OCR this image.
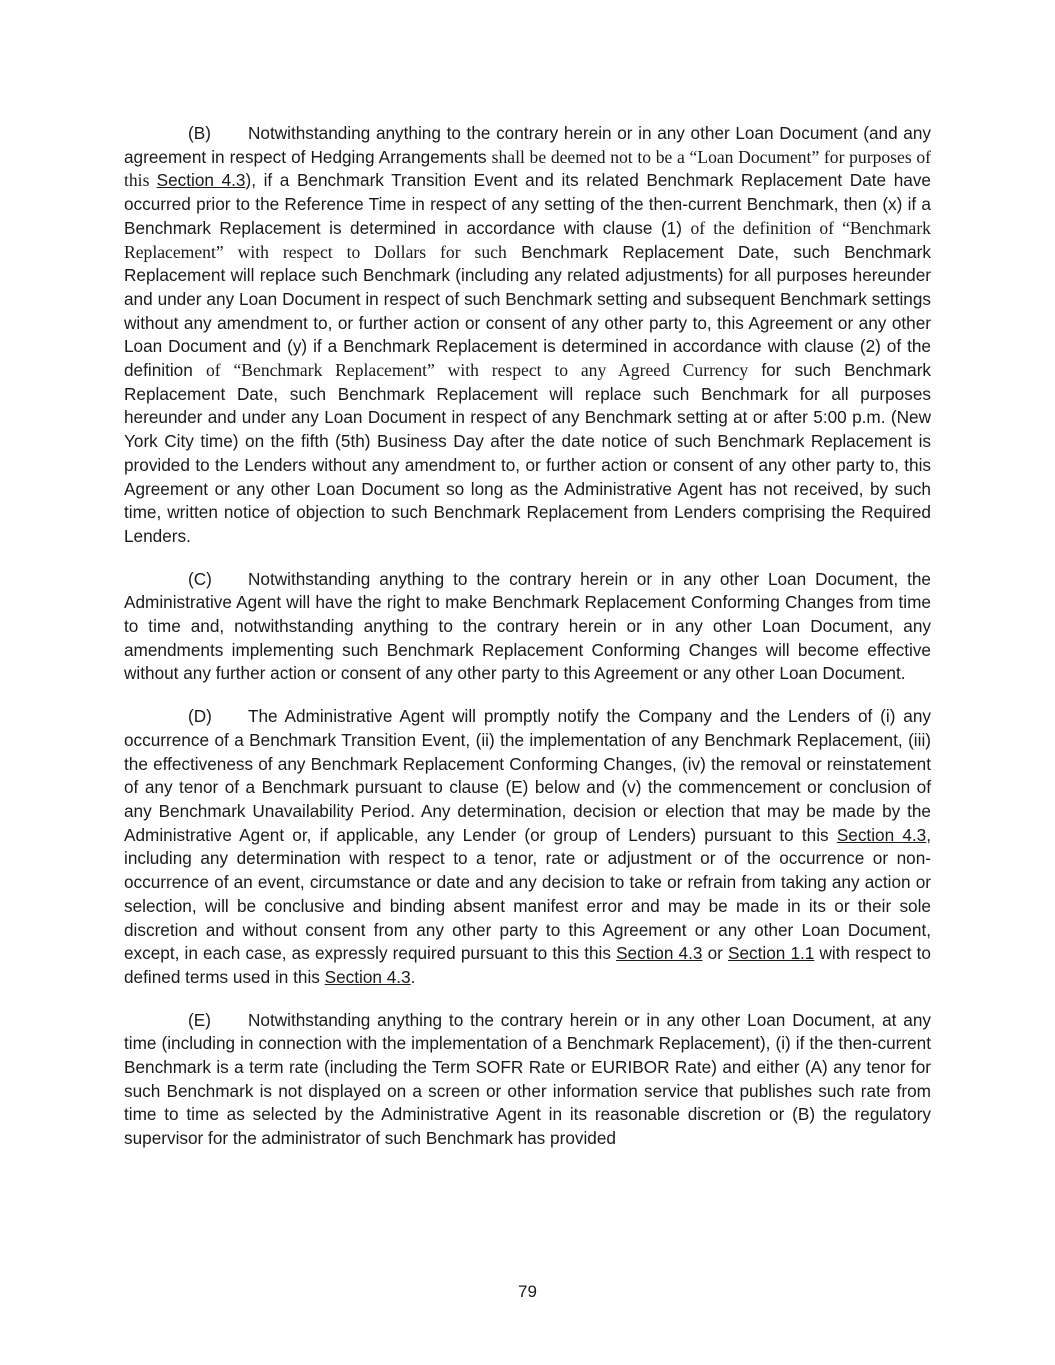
(B) Notwithstanding anything to the contrary herein or in any other Loan Document (and any agreement in respect of Hedging Arrangements shall be deemed not to be a “Loan Document” for purposes of this Section 4.3), if a Benchmark Transition Event and its related Benchmark Replacement Date have occurred prior to the Reference Time in respect of any setting of the then-current Benchmark, then (x) if a Benchmark Replacement is determined in accordance with clause (1) of the definition of “Benchmark Replacement” with respect to Dollars for such Benchmark Replacement Date, such Benchmark Replacement will replace such Benchmark (including any related adjustments) for all purposes hereunder and under any Loan Document in respect of such Benchmark setting and subsequent Benchmark settings without any amendment to, or further action or consent of any other party to, this Agreement or any other Loan Document and (y) if a Benchmark Replacement is determined in accordance with clause (2) of the definition of “Benchmark Replacement” with respect to any Agreed Currency for such Benchmark Replacement Date, such Benchmark Replacement will replace such Benchmark for all purposes hereunder and under any Loan Document in respect of any Benchmark setting at or after 5:00 p.m. (New York City time) on the fifth (5th) Business Day after the date notice of such Benchmark Replacement is provided to the Lenders without any amendment to, or further action or consent of any other party to, this Agreement or any other Loan Document so long as the Administrative Agent has not received, by such time, written notice of objection to such Benchmark Replacement from Lenders comprising the Required Lenders.

(C) Notwithstanding anything to the contrary herein or in any other Loan Document, the Administrative Agent will have the right to make Benchmark Replacement Conforming Changes from time to time and, notwithstanding anything to the contrary herein or in any other Loan Document, any amendments implementing such Benchmark Replacement Conforming Changes will become effective without any further action or consent of any other party to this Agreement or any other Loan Document.

(D) The Administrative Agent will promptly notify the Company and the Lenders of (i) any occurrence of a Benchmark Transition Event, (ii) the implementation of any Benchmark Replacement, (iii) the effectiveness of any Benchmark Replacement Conforming Changes, (iv) the removal or reinstatement of any tenor of a Benchmark pursuant to clause (E) below and (v) the commencement or conclusion of any Benchmark Unavailability Period. Any determination, decision or election that may be made by the Administrative Agent or, if applicable, any Lender (or group of Lenders) pursuant to this Section 4.3, including any determination with respect to a tenor, rate or adjustment or of the occurrence or non-occurrence of an event, circumstance or date and any decision to take or refrain from taking any action or selection, will be conclusive and binding absent manifest error and may be made in its or their sole discretion and without consent from any other party to this Agreement or any other Loan Document, except, in each case, as expressly required pursuant to this this Section 4.3 or Section 1.1 with respect to defined terms used in this Section 4.3.

(E) Notwithstanding anything to the contrary herein or in any other Loan Document, at any time (including in connection with the implementation of a Benchmark Replacement), (i) if the then-current Benchmark is a term rate (including the Term SOFR Rate or EURIBOR Rate) and either (A) any tenor for such Benchmark is not displayed on a screen or other information service that publishes such rate from time to time as selected by the Administrative Agent in its reasonable discretion or (B) the regulatory supervisor for the administrator of such Benchmark has provided

79
